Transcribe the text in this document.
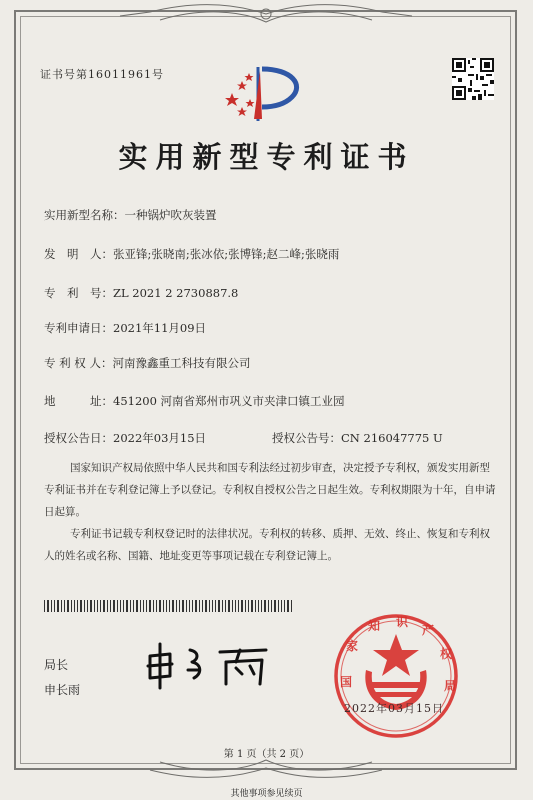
证书号第16011961号
实用新型专利证书
实用新型名称：一种锅炉吹灰装置
发　明　人：张亚锋;张晓南;张冰依;张博锋;赵二峰;张晓雨
专　利　号：ZL 2021 2 2730887.8
专利申请日：2021年11月09日
专 利 权 人：河南豫鑫重工科技有限公司
地　　　址：451200 河南省郑州市巩义市夹津口镇工业园
授权公告日：2022年03月15日	授权公告号：CN 216047775 U
国家知识产权局依照中华人民共和国专利法经过初步审查，决定授予专利权，颁发实用新型专利证书并在专利登记簿上予以登记。专利权自授权公告之日起生效。专利权期限为十年，自申请日起算。
专利证书记载专利权登记时的法律状况。专利权的转移、质押、无效、终止、恢复和专利权人的姓名或名称、国籍、地址变更等事项记载在专利登记簿上。
局长
申长雨
国
家
知 识
产
权
局
2022年03月15日
第 1 页（共 2 页）
其他事项参见续页
